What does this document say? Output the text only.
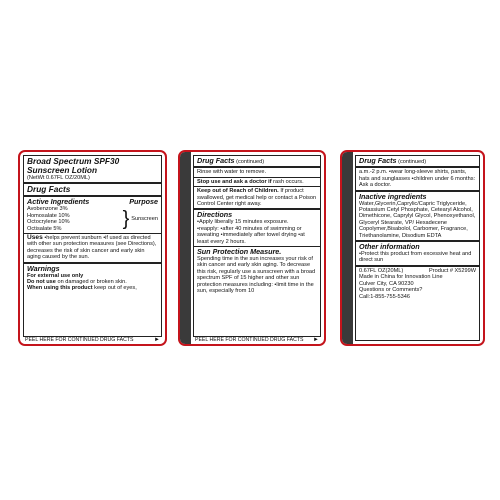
Broad Spectrum SPF30

Sunscreen Lotion

(NetWt 0.67FL OZ/20ML)

Drug Facts

Active Ingredients	Purpose

Avobenzone 3%

Homosalate 10%

Octocrylene 10%

Octisalate 5%	} Sunscreen

Uses •helps prevent sunburn •if used as directed with other sun protection measures (see Directions), decreases the risk of skin cancer and early skin aging caused by the sun.

Warnings

For external use only

Do not use on damaged or broken skin.

When using this product keep out of eyes,

PEEL HERE FOR CONTINUED DRUG FACTS	►

Drug Facts (continued)

Rinse with water to remove.

Stop use and ask a doctor if rash occurs.

Keep out of Reach of Children. If product swallowed, get medical help or contact a Poison Control Center right away.

Directions

•Apply liberally 15 minutes exposure.

•reapply: •after 40 minutes of swimming or sweating •immediately after towel drying •at least every 2 hours.

Sun Protection Measure.

Spending time in the sun increases your risk of skin cancer and early skin aging. To decrease this risk, regularly use a sunscreen with a broad spectrum SPF of 15 higher and other sun protection measures including: •limit time in the sun, especially from 10

PEEL HERE FOR CONTINUED DRUG FACTS ►

Drug Facts (continued)

a.m.-2 p.m. •wear long-sleeve shirts, pants, hats and sunglasses •children under 6 months: Ask a doctor.

Inactive ingredients

Water,Glycerin,Caprylic/Capric Triglyceride, Potassium Cetyl Phosphate, Cetearyl Alcohol, Dimethicone, Caprylyl Glycol, Phenoxyethanol, Glyceryl Stearate, VP/ Hexadecene Copolymer,Bisabolol, Carbomer, Fragrance, Triethanolamine, Disodium EDTA

Other information

•Protect this product from excessive heat and direct sun

0.67FL OZ(20ML)	Product # X5299W

Made in China for Innovation Line

Culver City, CA 90230

Questions or Comments?

Call:1-855-755-5346
